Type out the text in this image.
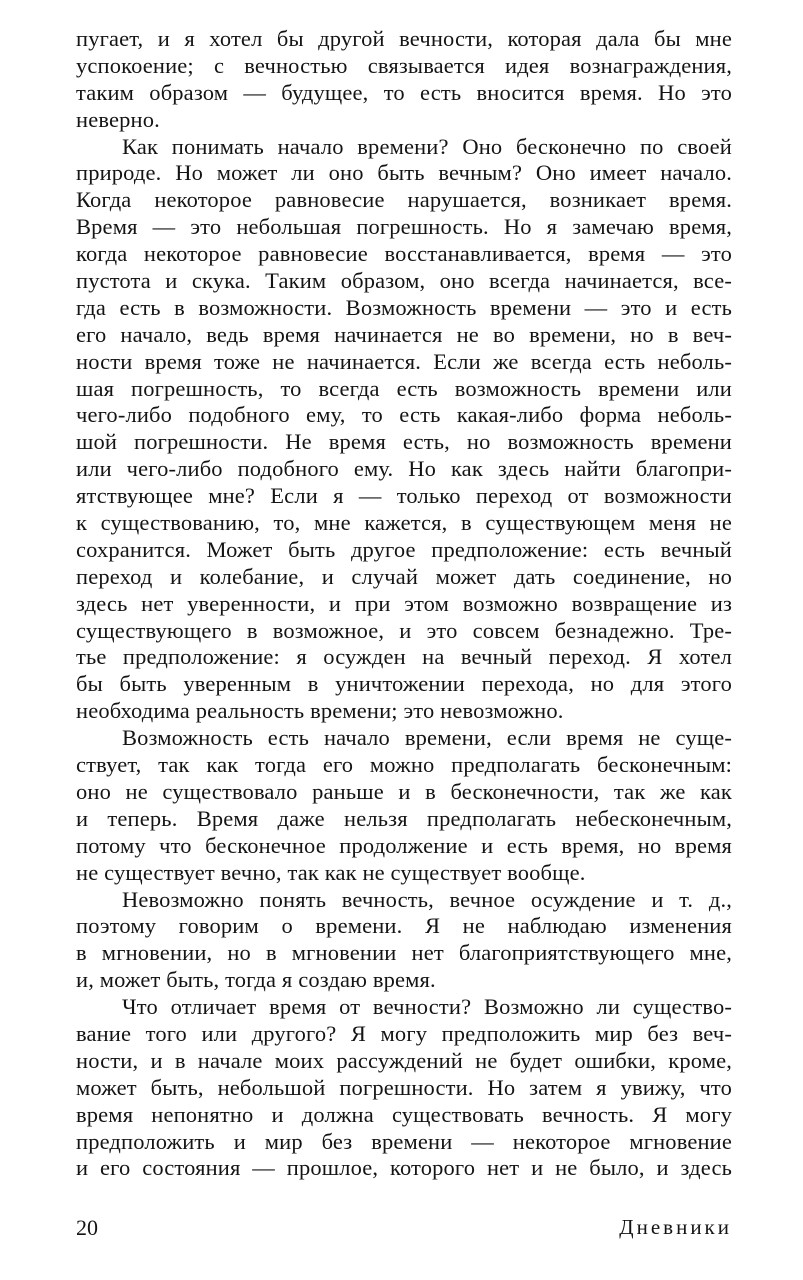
пугает, и я хотел бы другой вечности, которая дала бы мне
успокоение; с вечностью связывается идея вознаграждения,
таким образом — будущее, то есть вносится время. Но это
неверно.
Как понимать начало времени? Оно бесконечно по своей
природе. Но может ли оно быть вечным? Оно имеет начало.
Когда некоторое равновесие нарушается, возникает время.
Время — это небольшая погрешность. Но я замечаю время,
когда некоторое равновесие восстанавливается, время — это
пустота и скука. Таким образом, оно всегда начинается, все-
гда есть в возможности. Возможность времени — это и есть
его начало, ведь время начинается не во времени, но в веч-
ности время тоже не начинается. Если же всегда есть неболь-
шая погрешность, то всегда есть возможность времени или
чего-либо подобного ему, то есть какая-либо форма неболь-
шой погрешности. Не время есть, но возможность времени
или чего-либо подобного ему. Но как здесь найти благопри-
ятствующее мне? Если я — только переход от возможности
к существованию, то, мне кажется, в существующем меня не
сохранится. Может быть другое предположение: есть вечный
переход и колебание, и случай может дать соединение, но
здесь нет уверенности, и при этом возможно возвращение из
существующего в возможное, и это совсем безнадежно. Тре-
тье предположение: я осужден на вечный переход. Я хотел
бы быть уверенным в уничтожении перехода, но для этого
необходима реальность времени; это невозможно.
Возможность есть начало времени, если время не суще-
ствует, так как тогда его можно предполагать бесконечным:
оно не существовало раньше и в бесконечности, так же как
и теперь. Время даже нельзя предполагать небесконечным,
потому что бесконечное продолжение и есть время, но время
не существует вечно, так как не существует вообще.
Невозможно понять вечность, вечное осуждение и т. д.,
поэтому говорим о времени. Я не наблюдаю изменения
в мгновении, но в мгновении нет благоприятствующего мне,
и, может быть, тогда я создаю время.
Что отличает время от вечности? Возможно ли существо-
вание того или другого? Я могу предположить мир без веч-
ности, и в начале моих рассуждений не будет ошибки, кроме,
может быть, небольшой погрешности. Но затем я увижу, что
время непонятно и должна существовать вечность. Я могу
предположить и мир без времени — некоторое мгновение
и его состояния — прошлое, которого нет и не было, и здесь
20	Дневники
